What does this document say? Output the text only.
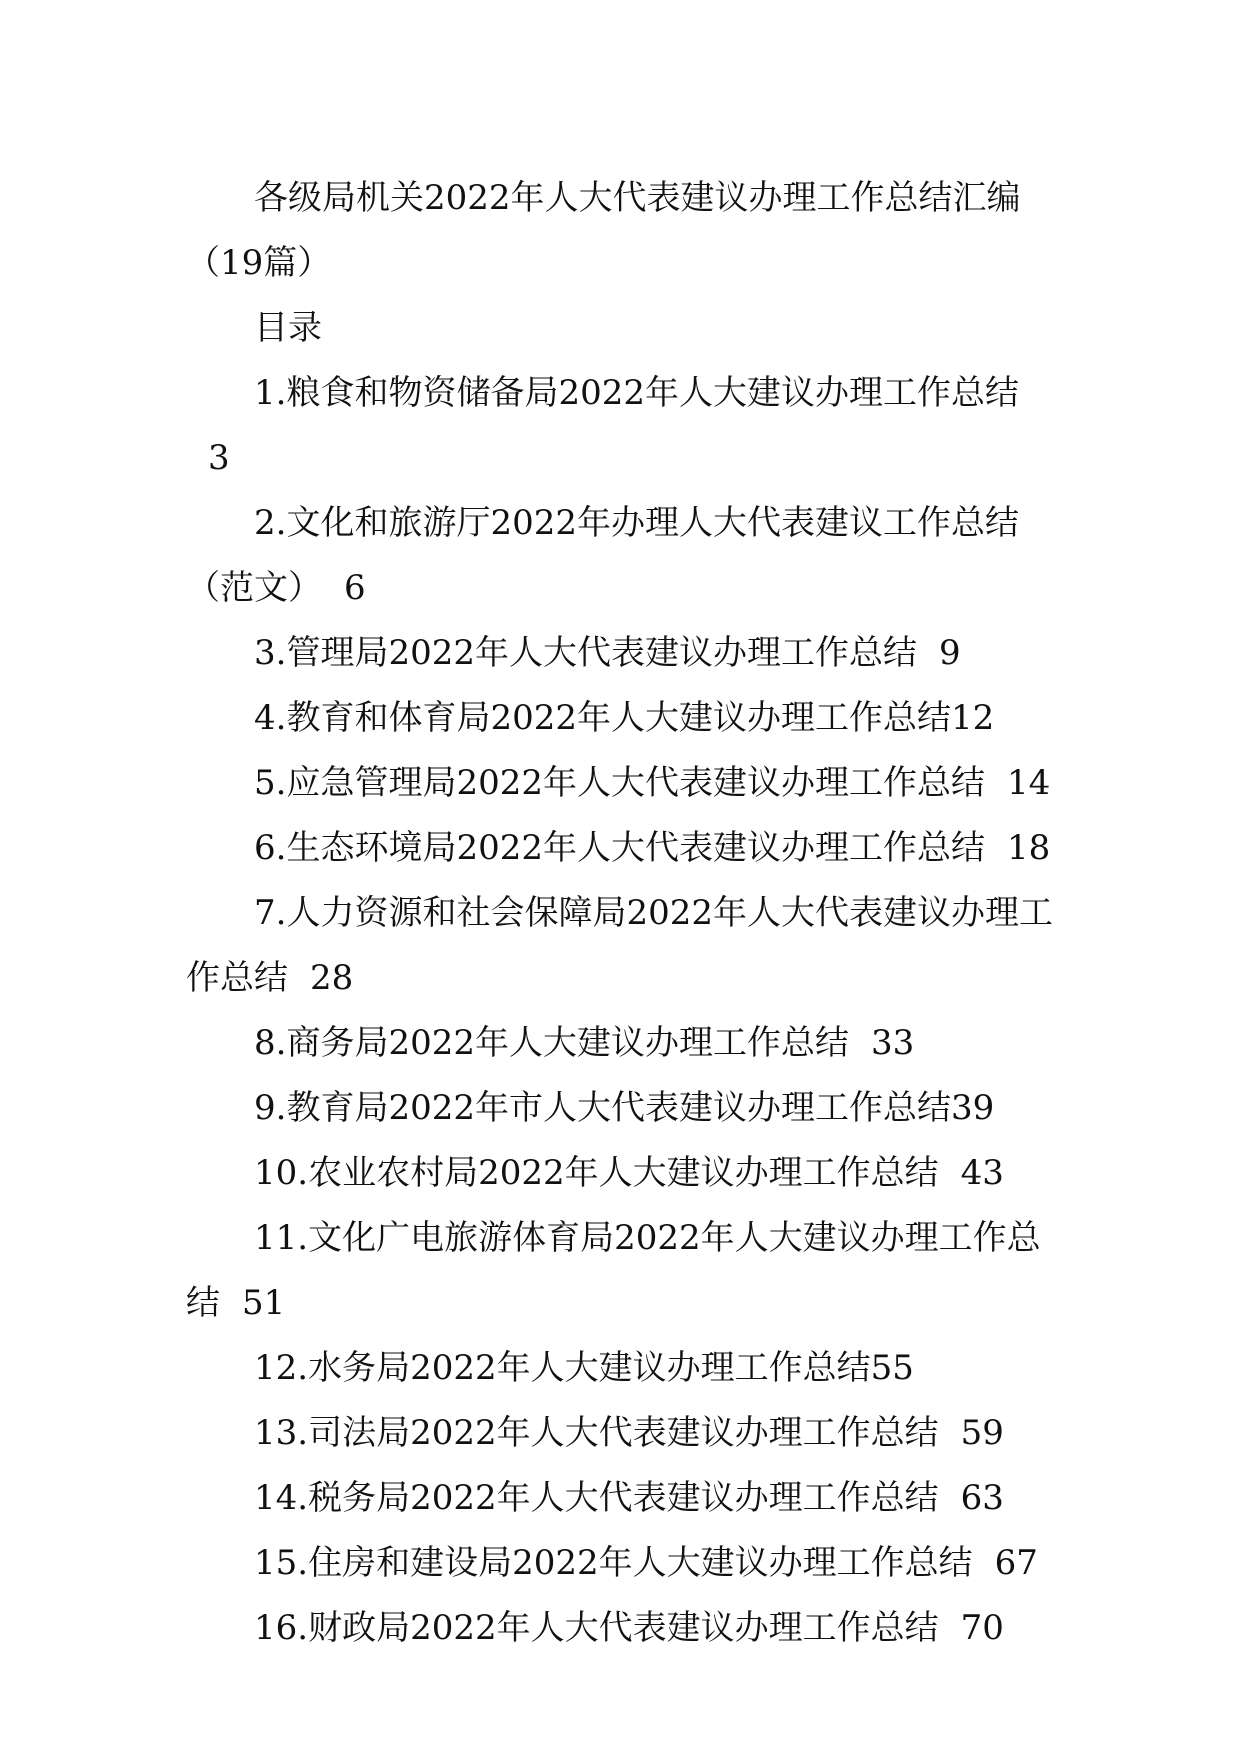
各级局机关2022年人大代表建议办理工作总结汇编（19篇）
目录
1.粮食和物资储备局2022年人大建议办理工作总结3
2.文化和旅游厅2022年办理人大代表建议工作总结（范文） 6
3.管理局2022年人大代表建议办理工作总结 9
4.教育和体育局2022年人大建议办理工作总结12
5.应急管理局2022年人大代表建议办理工作总结 14
6.生态环境局2022年人大代表建议办理工作总结 18
7.人力资源和社会保障局2022年人大代表建议办理工作总结 28
8.商务局2022年人大建议办理工作总结 33
9.教育局2022年市人大代表建议办理工作总结39
10.农业农村局2022年人大建议办理工作总结 43
11.文化广电旅游体育局2022年人大建议办理工作总结 51
12.水务局2022年人大建议办理工作总结55
13.司法局2022年人大代表建议办理工作总结 59
14.税务局2022年人大代表建议办理工作总结 63
15.住房和建设局2022年人大建议办理工作总结 67
16.财政局2022年人大代表建议办理工作总结 70
